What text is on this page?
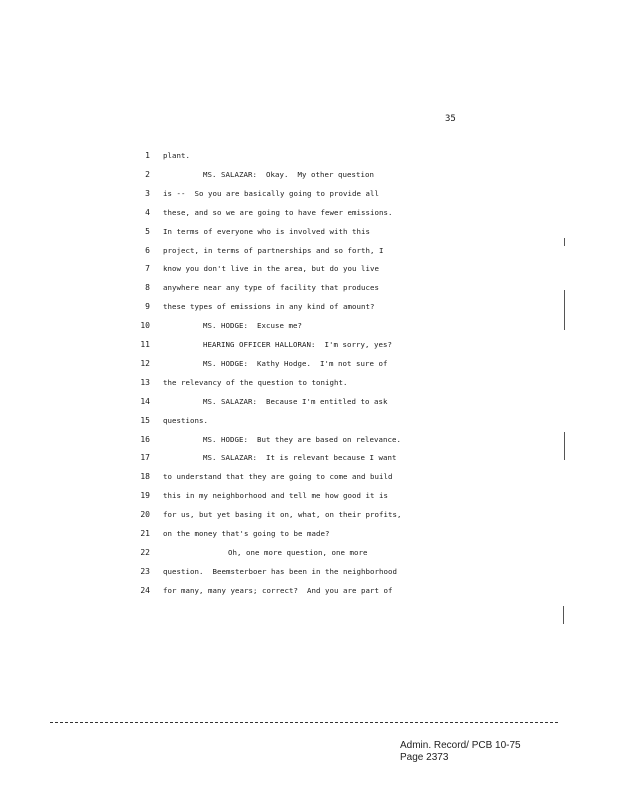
35
1 plant.
2	MS. SALAZAR:  Okay.  My other question
3 is --  So you are basically going to provide all
4 these, and so we are going to have fewer emissions.
5 In terms of everyone who is involved with this
6 project, in terms of partnerships and so forth, I
7 know you don't live in the area, but do you live
8 anywhere near any type of facility that produces
9 these types of emissions in any kind of amount?
10	MS. HODGE:  Excuse me?
11	HEARING OFFICER HALLORAN:  I'm sorry, yes?
12	MS. HODGE:  Kathy Hodge.  I'm not sure of
13 the relevancy of the question to tonight.
14	MS. SALAZAR:  Because I'm entitled to ask
15 questions.
16	MS. HODGE:  But they are based on relevance.
17	MS. SALAZAR:  It is relevant because I want
18 to understand that they are going to come and build
19 this in my neighborhood and tell me how good it is
20 for us, but yet basing it on, what, on their profits,
21 on the money that's going to be made?
22	Oh, one more question, one more
23 question.  Beemsterboer has been in the neighborhood
24 for many, many years; correct?  And you are part of
Admin. Record/ PCB 10-75
Page 2373
